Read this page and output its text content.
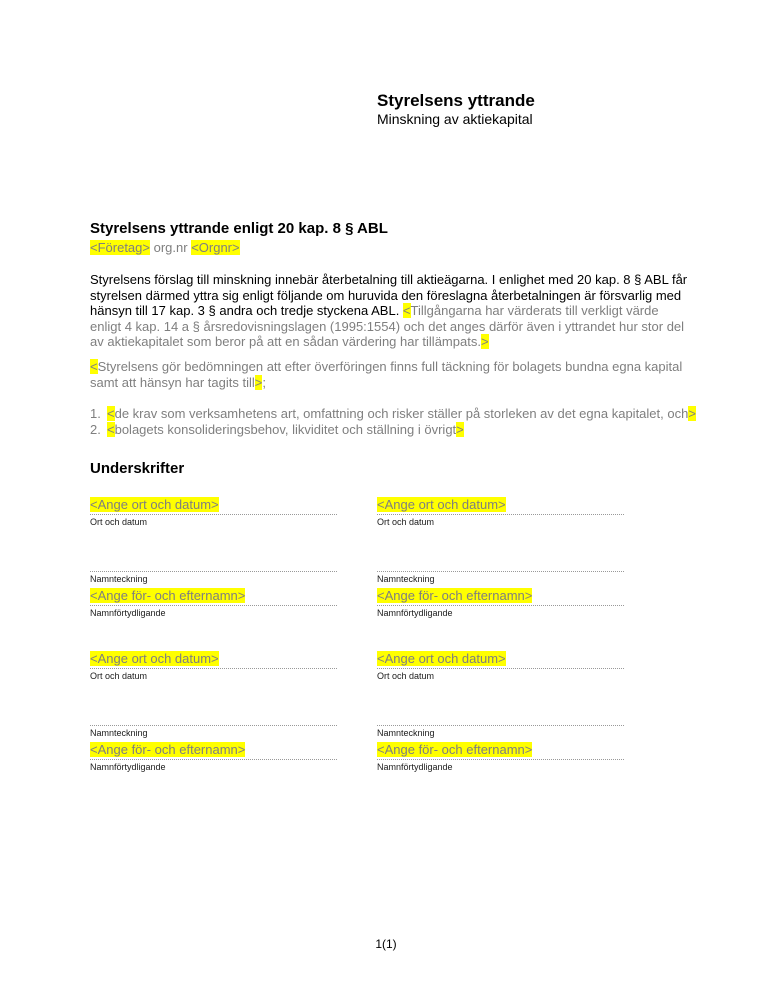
Styrelsens yttrande
Minskning av aktiekapital
Styrelsens yttrande enligt 20 kap. 8 § ABL
<Företag> org.nr <Orgnr>
Styrelsens förslag till minskning innebär återbetalning till aktieägarna. I enlighet med 20 kap. 8 § ABL får styrelsen därmed yttra sig enligt följande om huruvida den föreslagna återbetalningen är försvarlig med hänsyn till 17 kap. 3 § andra och tredje styckena ABL. <Tillgångarna har värderats till verkligt värde enligt 4 kap. 14 a § årsredovisningslagen (1995:1554) och det anges därför även i yttrandet hur stor del av aktiekapitalet som beror på att en sådan värdering har tillämpats.>
<Styrelsens gör bedömningen att efter överföringen finns full täckning för bolagets bundna egna kapital samt att hänsyn har tagits till>;
1. <de krav som verksamhetens art, omfattning och risker ställer på storleken av det egna kapitalet, och>
2. <bolagets konsolideringsbehov, likviditet och ställning i övrigt>
Underskrifter
<Ange ort och datum>
Ort och datum
Namnteckning
<Ange för- och efternamn>
Namnförtydligande
<Ange ort och datum>
Ort och datum
Namnteckning
<Ange för- och efternamn>
Namnförtydligande
<Ange ort och datum>
Ort och datum
Namnteckning
<Ange för- och efternamn>
Namnförtydligande
<Ange ort och datum>
Ort och datum
Namnteckning
<Ange för- och efternamn>
Namnförtydligande
1(1)
